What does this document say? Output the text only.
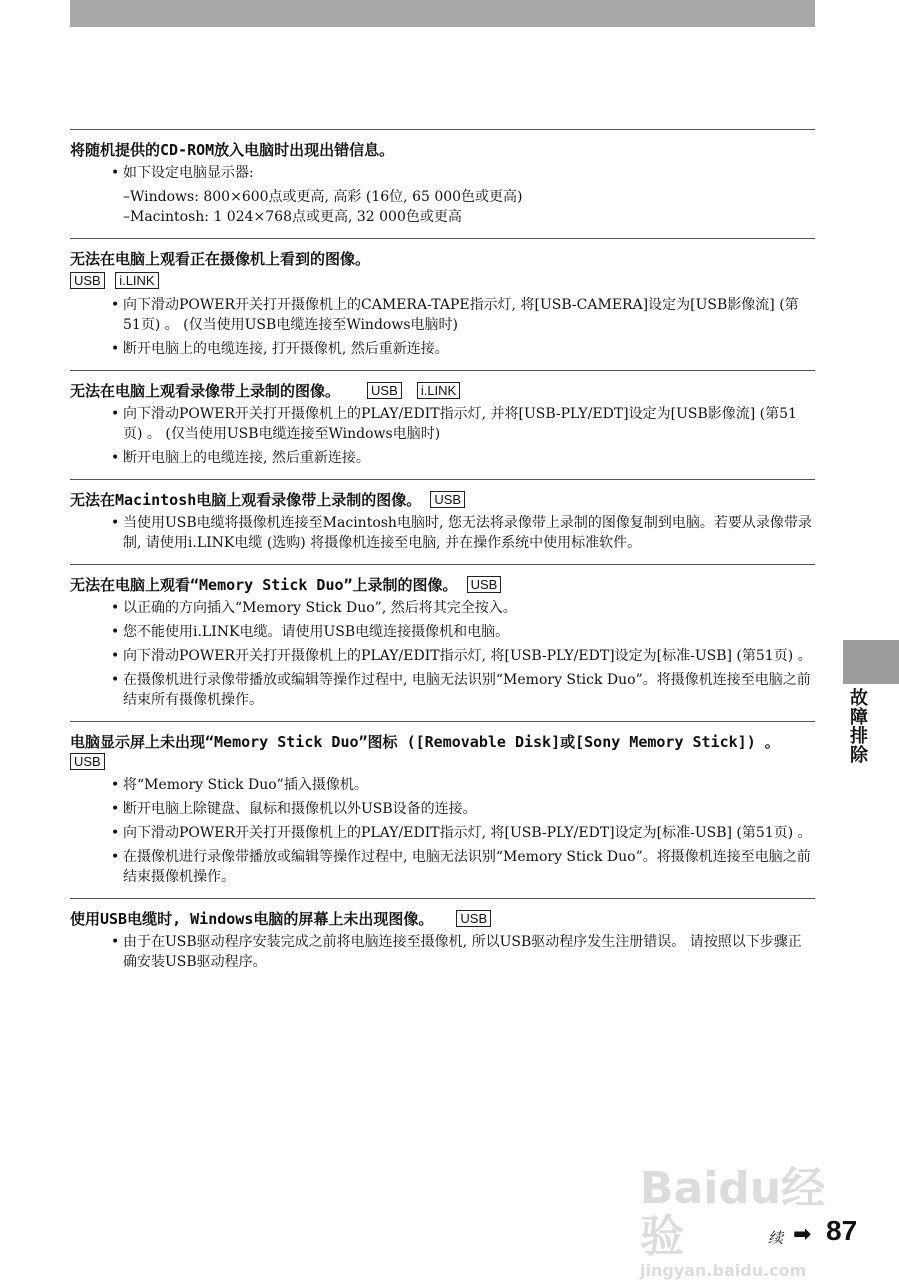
故障排除

将随机提供的CD-ROM放入电脑时出现出错信息。

• 如下设定电脑显示器:
–Windows: 800×600点或更高, 高彩 (16位, 65 000色或更高)
–Macintosh: 1 024×768点或更高, 32 000色或更高

无法在电脑上观看正在摄像机上看到的图像。

USB i.LINK
• 向下滑动POWER开关打开摄像机上的CAMERA-TAPE指示灯, 将[USB-CAMERA]设定为[USB影像流] (第51页) 。 (仅当使用USB电缆连接至Windows电脑时)
• 断开电脑上的电缆连接, 打开摄像机, 然后重新连接。

无法在电脑上观看录像带上录制的图像。 USB i.LINK

• 向下滑动POWER开关打开摄像机上的PLAY/EDIT指示灯, 并将[USB-PLY/EDT]设定为[USB影像流] (第51页) 。 (仅当使用USB电缆连接至Windows电脑时)
• 断开电脑上的电缆连接, 然后重新连接。

无法在Macintosh电脑上观看录像带上录制的图像。 USB

• 当使用USB电缆将摄像机连接至Macintosh电脑时, 您无法将录像带上录制的图像复制到电脑。若要从录像带录制, 请使用i.LINK电缆 (选购) 将摄像机连接至电脑, 并在操作系统中使用标准软件。

无法在电脑上观看“Memory Stick Duo”上录制的图像。 USB

• 以正确的方向插入“Memory Stick Duo”, 然后将其完全按入。
• 您不能使用i.LINK电缆。请使用USB电缆连接摄像机和电脑。
• 向下滑动POWER开关打开摄像机上的PLAY/EDIT指示灯, 将[USB-PLY/EDT]设定为[标准-USB] (第51页) 。
• 在摄像机进行录像带播放或编辑等操作过程中, 电脑无法识别“Memory Stick Duo”。将摄像机连接至电脑之前结束所有摄像机操作。

电脑显示屏上未出现“Memory Stick Duo”图标 ([Removable Disk]或[Sony Memory Stick]) 。 USB

• 将“Memory Stick Duo”插入摄像机。
• 断开电脑上除键盘、鼠标和摄像机以外USB设备的连接。
• 向下滑动POWER开关打开摄像机上的PLAY/EDIT指示灯, 将[USB-PLY/EDT]设定为[标准-USB] (第51页) 。
• 在摄像机进行录像带播放或编辑等操作过程中, 电脑无法识别“Memory Stick Duo”。将摄像机连接至电脑之前结束摄像机操作。

使用USB电缆时, Windows电脑的屏幕上未出现图像。 USB

• 由于在USB驱动程序安装完成之前将电脑连接至摄像机, 所以USB驱动程序发生注册错误。 请按照以下步骤正确安装USB驱动程序。
Baidu经验
jingyan.baidu.com
续 ➡ 87
